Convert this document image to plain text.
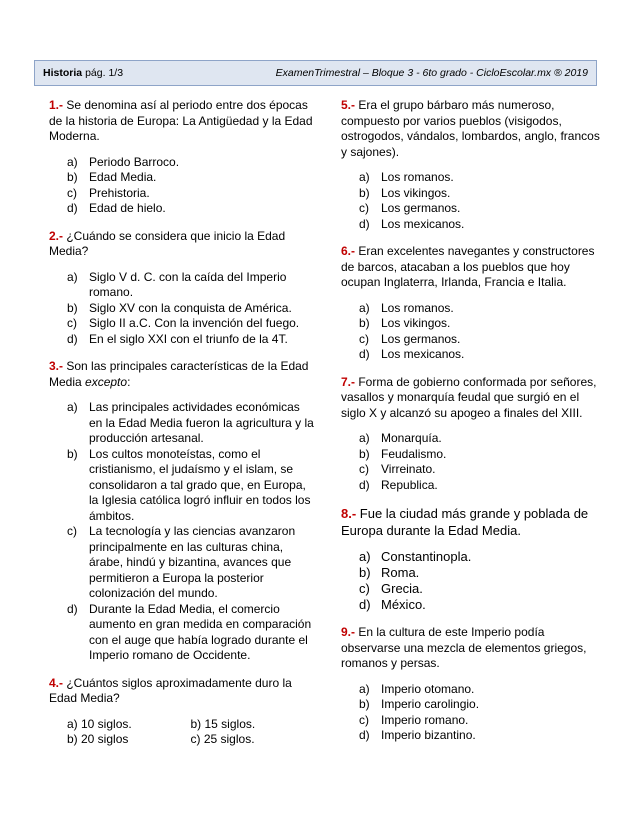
Historia pág. 1/3	ExamenTrimestral – Bloque 3 - 6to grado - CicloEscolar.mx ® 2019

1.- Se denomina así al periodo entre dos épocas de la historia de Europa: La Antigüedad y la Edad Moderna.

a) Periodo Barroco.
b) Edad Media.
c)	Prehistoria.
d) Edad de hielo.

2.- ¿Cuándo se considera que inicio la Edad Media?

a) Siglo V d. C. con la caída del Imperio romano.
b) Siglo XV con la conquista de América.
c)	Siglo II a.C. Con la invención del fuego.
d) En el siglo XXI con el triunfo de la 4T.

3.- Son las principales características de la Edad Media excepto:

a) Las principales actividades económicas en la Edad Media fueron la agricultura y la producción artesanal.
b) Los cultos monoteístas, como el cristianismo, el judaísmo y el islam, se consolidaron a tal grado que, en Europa, la Iglesia católica logró influir en todos los ámbitos.
c)	La tecnología y las ciencias avanzaron principalmente en las culturas china, árabe, hindú y bizantina, avances que permitieron a Europa la posterior colonización del mundo.
d) Durante la Edad Media, el comercio aumento en gran medida en comparación con el auge que había logrado durante el Imperio romano de Occidente.

4.- ¿Cuántos siglos aproximadamente duro la Edad Media?

a) 10 siglos.	b) 15 siglos.
b) 20 siglos	c) 25 siglos.

5.- Era el grupo bárbaro más numeroso, compuesto por varios pueblos (visigodos, ostrogodos, vándalos, lombardos, anglo, francos y sajones).

a) Los romanos.
b) Los vikingos.
c)	Los germanos.
d) Los mexicanos.

6.- Eran excelentes navegantes y constructores de barcos, atacaban a los pueblos que hoy ocupan Inglaterra, Irlanda, Francia e Italia.

a) Los romanos.
b) Los vikingos.
c)	Los germanos.
d) Los mexicanos.

7.- Forma de gobierno conformada por señores, vasallos y monarquía feudal que surgió en el siglo X y alcanzó su apogeo a finales del XIII.

a) Monarquía.
b) Feudalismo.
c)	Virreinato.
d) Republica.

8.- Fue la ciudad más grande y poblada de Europa durante la Edad Media.

a) Constantinopla.
b) Roma.
c) Grecia.
d) México.

9.- En la cultura de este Imperio podía observarse una mezcla de elementos griegos, romanos y persas.

a) Imperio otomano.
b) Imperio carolingio.
c)	Imperio romano.
d) Imperio bizantino.
